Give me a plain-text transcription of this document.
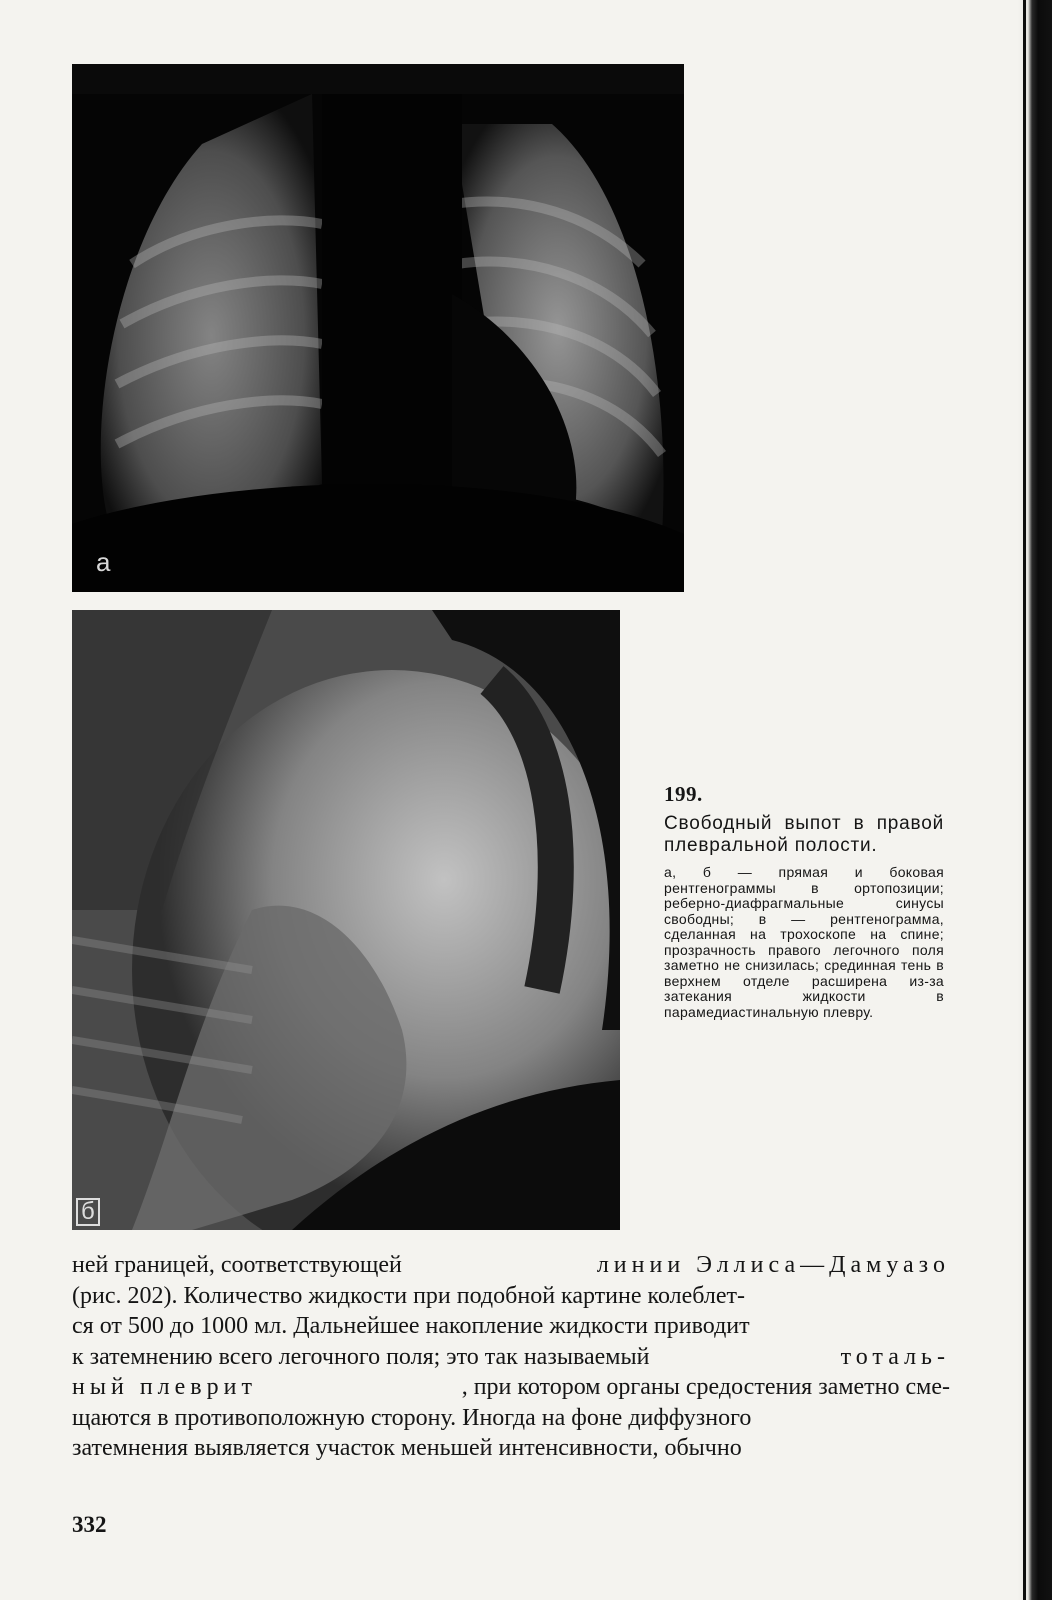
а
б
199.
Свободный выпот в правой плевральной полости.
а, б — прямая и боковая рентгенограммы в ортопозиции; реберно-диафрагмальные синусы свободны; в — рентгенограмма, сделанная на трохоскопе на спине; прозрачность правого легочного поля заметно не снизилась; срединная тень в верхнем отделе расширена из-за затекания жидкости в парамедиастинальную плевру.
ней границей, соответствующей	линии Эллиса—Дамуазо
(рис. 202). Количество жидкости при подобной картине колеблет-
ся от 500 до 1000 мл. Дальнейшее накопление жидкости приводит
к затемнению всего легочного поля; это так называемый	тоталь-
ный плеврит	, при котором органы средостения заметно сме-
щаются в противоположную сторону. Иногда на фоне диффузного
затемнения выявляется участок меньшей интенсивности, обычно
332
